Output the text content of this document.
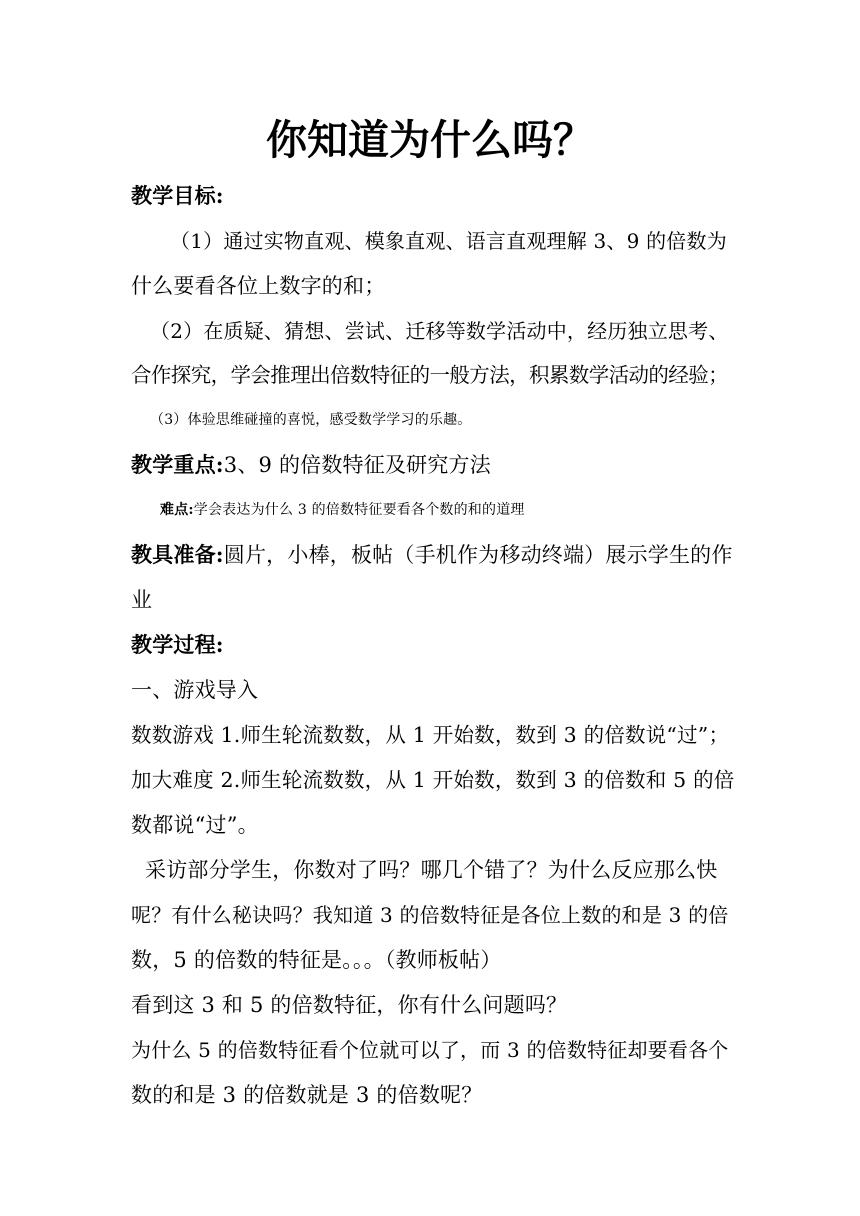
你知道为什么吗？
教学目标:
（1）通过实物直观、模象直观、语言直观理解 3、9 的倍数为
什么要看各位上数字的和；
（2）在质疑、猜想、尝试、迁移等数学活动中，经历独立思考、
合作探究，学会推理出倍数特征的一般方法，积累数学活动的经验；
（3）体验思维碰撞的喜悦，感受数学学习的乐趣。
教学重点:3、9 的倍数特征及研究方法
难点:学会表达为什么 3 的倍数特征要看各个数的和的道理
教具准备:圆片，小棒，板帖（手机作为移动终端）展示学生的作
业
教学过程:
一、游戏导入
数数游戏 1.师生轮流数数，从 1 开始数，数到 3 的倍数说“过”；
加大难度 2.师生轮流数数，从 1 开始数，数到 3 的倍数和 5 的倍
数都说“过”。
采访部分学生，你数对了吗？哪几个错了？为什么反应那么快
呢？有什么秘诀吗？我知道 3 的倍数特征是各位上数的和是 3 的倍
数，5 的倍数的特征是。。。（教师板帖）
看到这 3 和 5 的倍数特征，你有什么问题吗？
为什么 5 的倍数特征看个位就可以了，而 3 的倍数特征却要看各个
数的和是 3 的倍数就是 3 的倍数呢？
